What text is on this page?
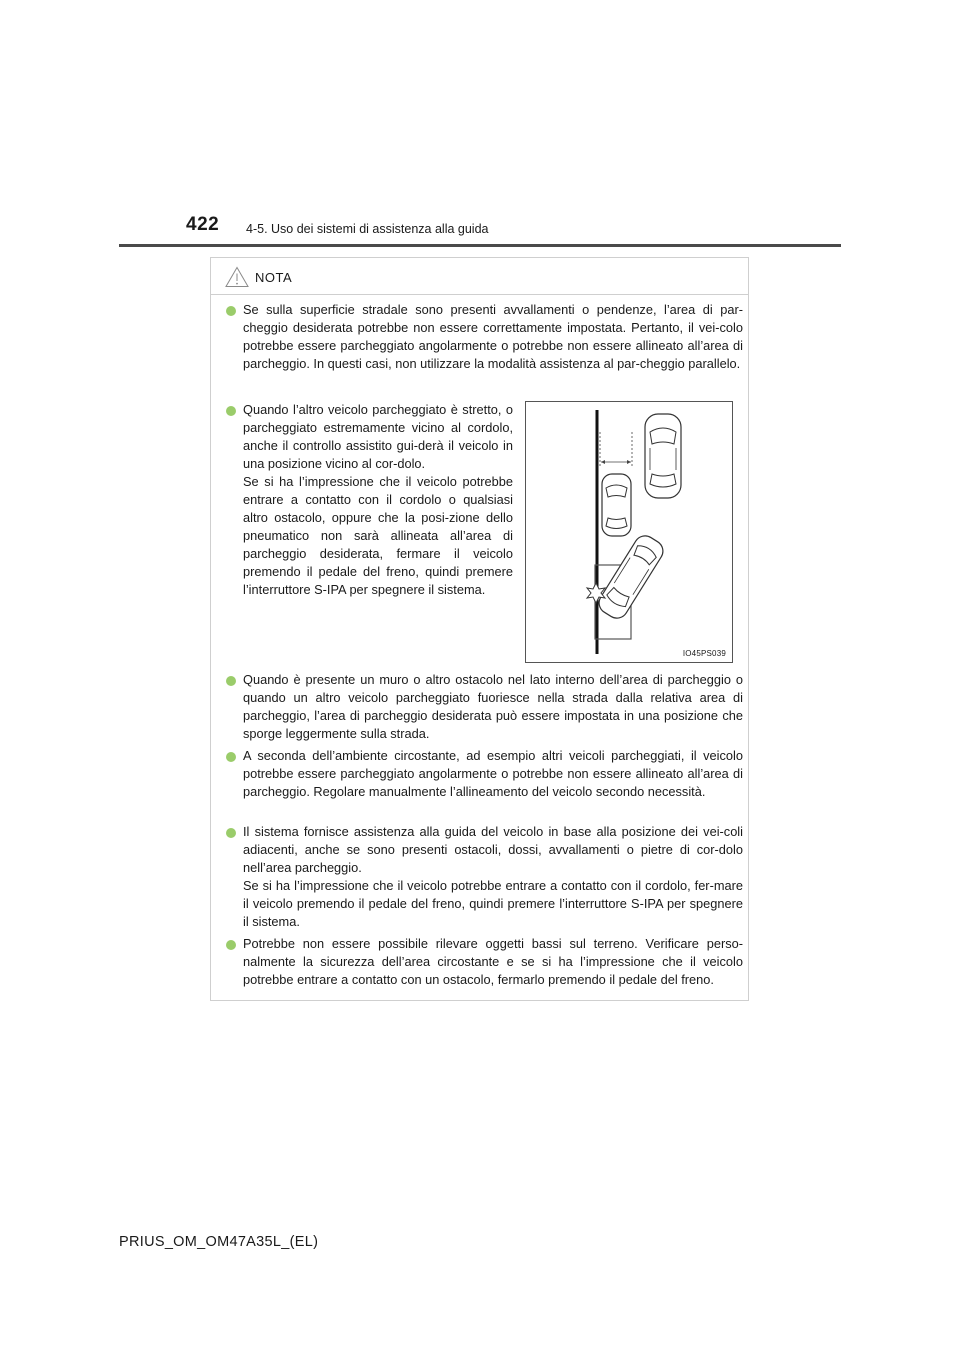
422 4-5. Uso dei sistemi di assistenza alla guida
NOTA
Se sulla superficie stradale sono presenti avvallamenti o pendenze, l’area di par-cheggio desiderata potrebbe non essere correttamente impostata. Pertanto, il vei-colo potrebbe essere parcheggiato angolarmente o potrebbe non essere allineato all’area di parcheggio. In questi casi, non utilizzare la modalità assistenza al par-cheggio parallelo.
Quando l’altro veicolo parcheggiato è stretto, o parcheggiato estremamente vicino al cordolo, anche il controllo assistito gui-derà il veicolo in una posizione vicino al cor-dolo.
Se si ha l’impressione che il veicolo potrebbe entrare a contatto con il cordolo o qualsiasi altro ostacolo, oppure che la posi-zione dello pneumatico non sarà allineata all’area di parcheggio desiderata, fermare il veicolo premendo il pedale del freno, quindi premere l’interruttore S-IPA per spegnere il sistema.
IO45PS039
Quando è presente un muro o altro ostacolo nel lato interno dell’area di parcheggio o quando un altro veicolo parcheggiato fuoriesce nella strada dalla relativa area di parcheggio, l’area di parcheggio desiderata può essere impostata in una posizione che sporge leggermente sulla strada.
A seconda dell’ambiente circostante, ad esempio altri veicoli parcheggiati, il veicolo potrebbe essere parcheggiato angolarmente o potrebbe non essere allineato all’area di parcheggio. Regolare manualmente l’allineamento del veicolo secondo necessità.
Il sistema fornisce assistenza alla guida del veicolo in base alla posizione dei vei-coli adiacenti, anche se sono presenti ostacoli, dossi, avvallamenti o pietre di cor-dolo nell’area parcheggio.
Se si ha l’impressione che il veicolo potrebbe entrare a contatto con il cordolo, fer-mare il veicolo premendo il pedale del freno, quindi premere l’interruttore S-IPA per spegnere il sistema.
Potrebbe non essere possibile rilevare oggetti bassi sul terreno. Verificare perso-nalmente la sicurezza dell’area circostante e se si ha l’impressione che il veicolo potrebbe entrare a contatto con un ostacolo, fermarlo premendo il pedale del freno.
PRIUS_OM_OM47A35L_(EL)
